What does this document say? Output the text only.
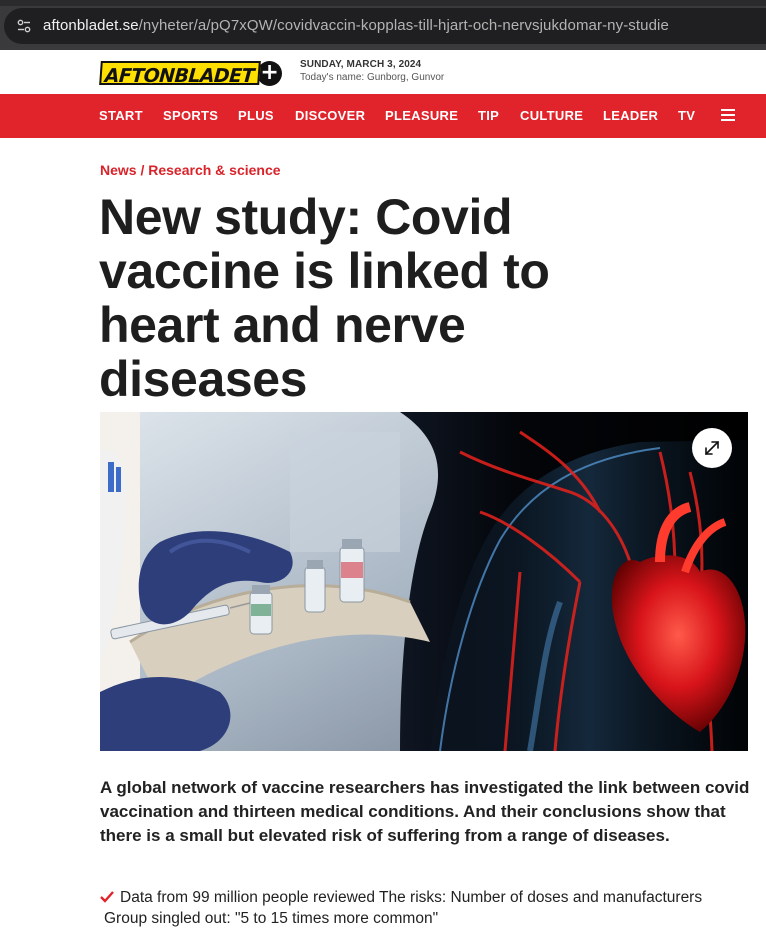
aftonbladet.se/nyheter/a/pQ7xQW/covidvaccin-kopplas-till-hjart-och-nervsjukdomar-ny-studie
AFTONBLADET +	SUNDAY, MARCH 3, 2024
Today's name: Gunborg, Gunvor
START SPORTS PLUS DISCOVER PLEASURE TIP CULTURE LEADER TV
News / Research & science
New study: Covid vaccine is linked to heart and nerve diseases

A global network of vaccine researchers has investigated the link between covid vaccination and thirteen medical conditions. And their conclusions show that there is a small but elevated risk of suffering from a range of diseases.

Data from 99 million people reviewed The risks: Number of doses and manufacturers
Group singled out: "5 to 15 times more common"
